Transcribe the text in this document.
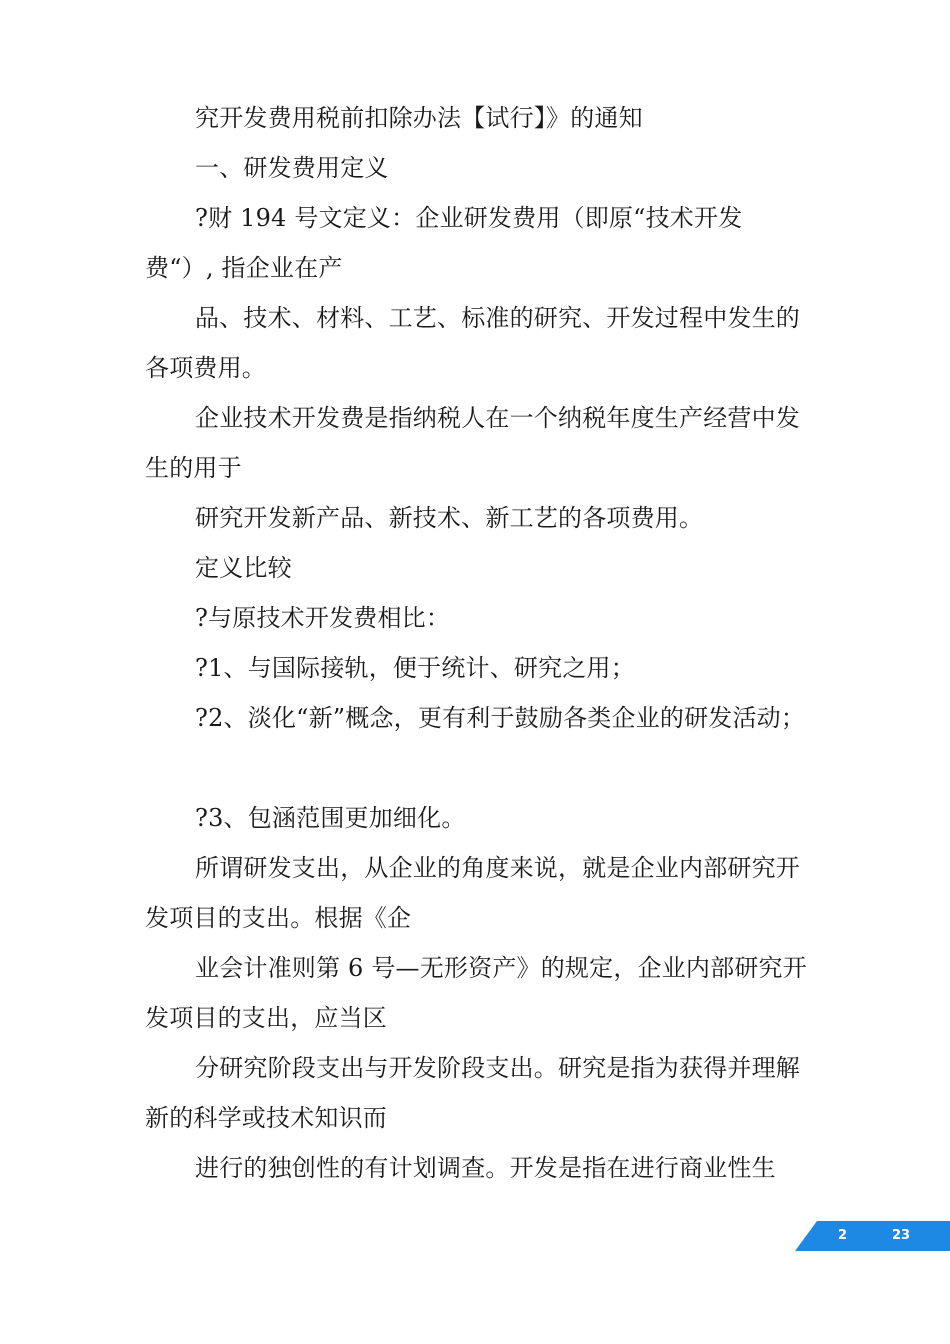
究开发费用税前扣除办法【试行】》的通知

一、研发费用定义

?财 194 号文定义：企业研发费用（即原“技术开发费“）, 指企业在产

品、技术、材料、工艺、标准的研究、开发过程中发生的各项费用。

企业技术开发费是指纳税人在一个纳税年度生产经营中发生的用于

研究开发新产品、新技术、新工艺的各项费用。

定义比较

?与原技术开发费相比：

?1、与国际接轨，便于统计、研究之用；

?2、淡化“新”概念，更有利于鼓励各类企业的研发活动；

?3、包涵范围更加细化。

所谓研发支出，从企业的角度来说，就是企业内部研究开发项目的支出。根据《企

业会计准则第 6 号—无形资产》的规定，企业内部研究开发项目的支出，应当区

分研究阶段支出与开发阶段支出。研究是指为获得并理解新的科学或技术知识而

进行的独创性的有计划调查。开发是指在进行商业性生

2	23
